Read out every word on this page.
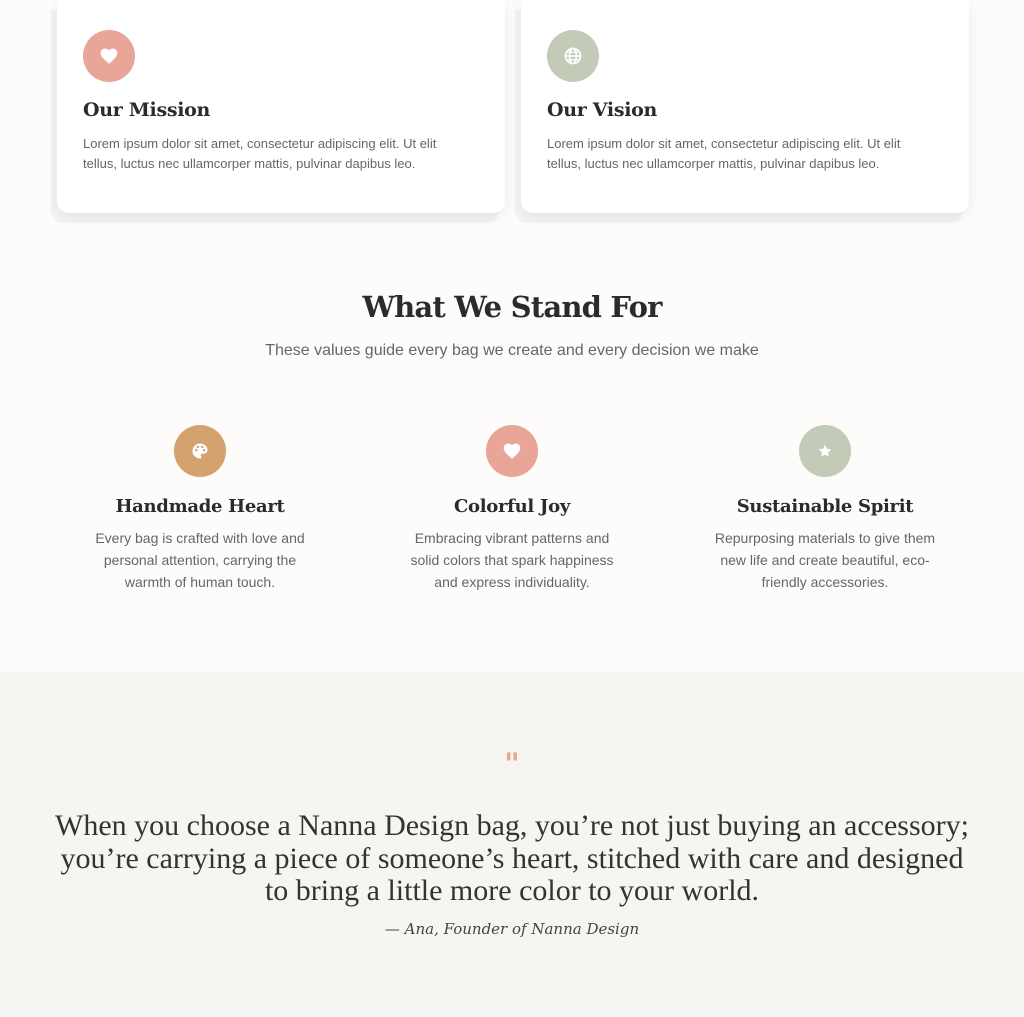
Our Mission

Lorem ipsum dolor sit amet, consectetur adipiscing elit. Ut elit tellus, luctus nec ullamcorper mattis, pulvinar dapibus leo.

Our Vision

Lorem ipsum dolor sit amet, consectetur adipiscing elit. Ut elit tellus, luctus nec ullamcorper mattis, pulvinar dapibus leo.

What We Stand For

These values guide every bag we create and every decision we make

Handmade Heart

Every bag is crafted with love and personal attention, carrying the warmth of human touch.

Colorful Joy

Embracing vibrant patterns and solid colors that spark happiness and express individuality.

Sustainable Spirit

Repurposing materials to give them new life and create beautiful, eco-friendly accessories.

"
When you choose a Nanna Design bag, you’re not just buying an accessory; you’re carrying a piece of someone’s heart, stitched with care and designed to bring a little more color to your world.

— Ana, Founder of Nanna Design
